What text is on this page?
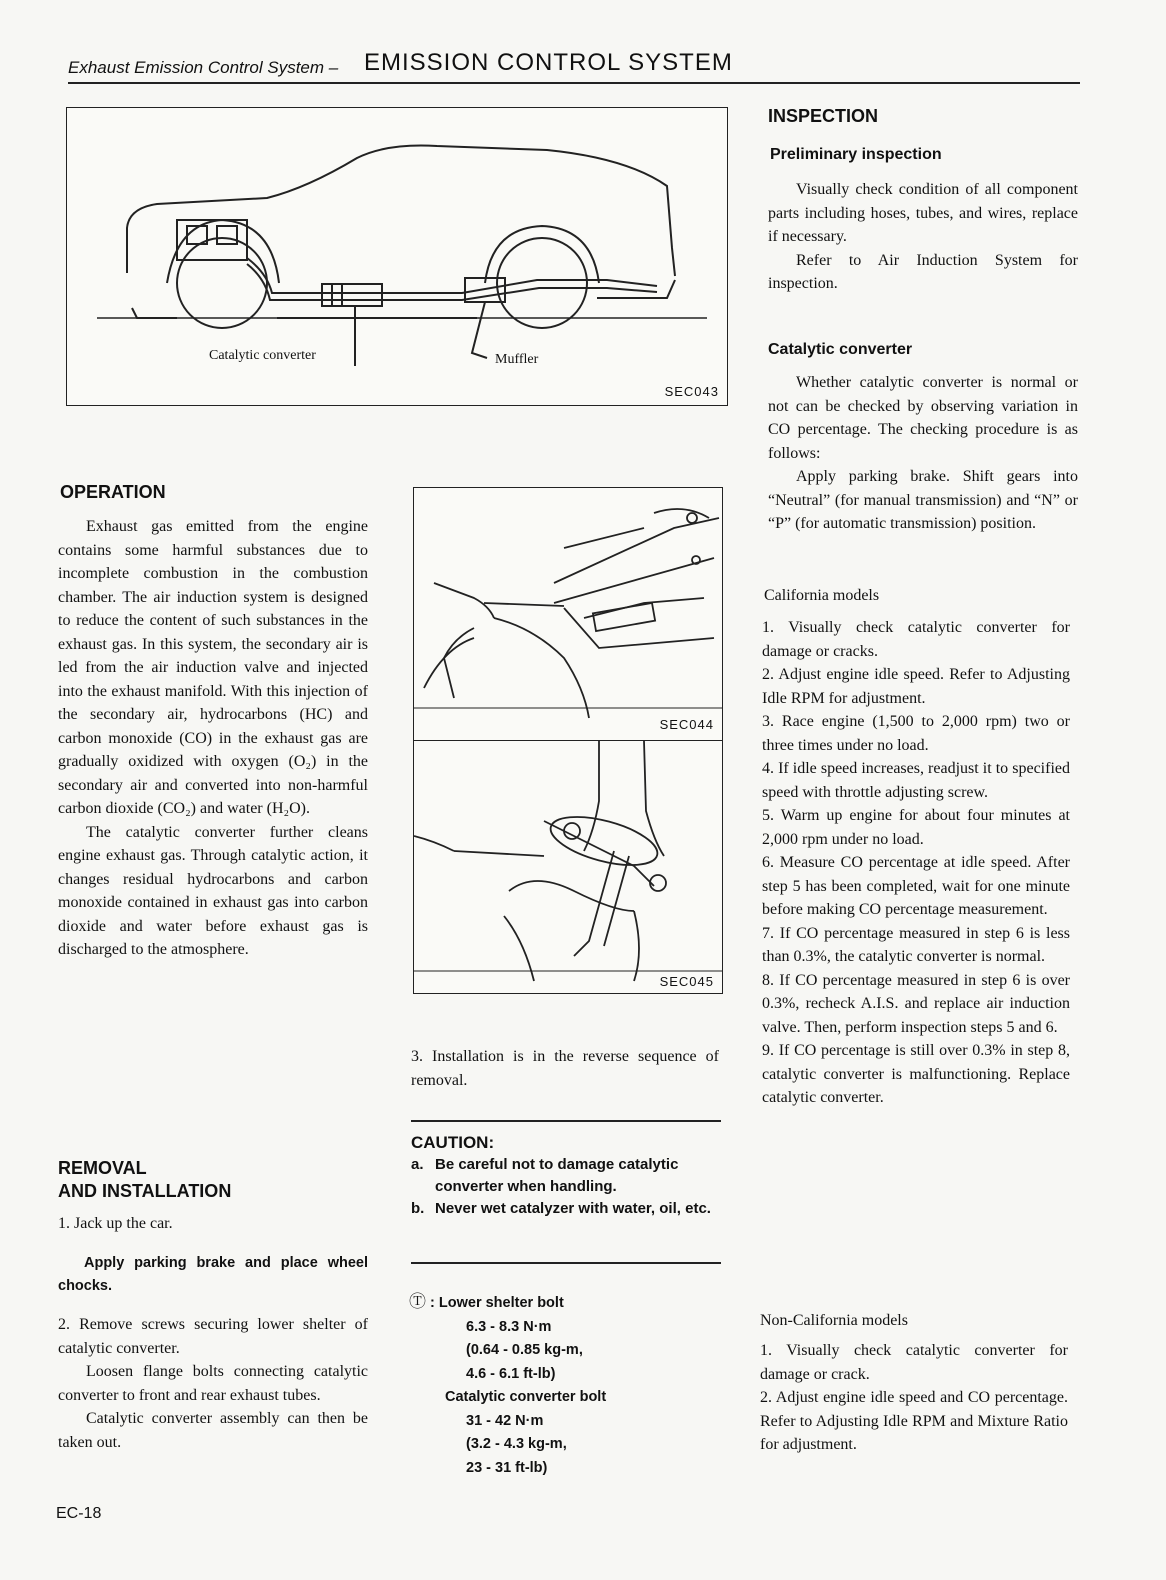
Exhaust Emission Control System – EMISSION CONTROL SYSTEM
Catalytic converter	Muffler
SEC043
SEC044
SEC045
OPERATION

Exhaust gas emitted from the engine contains some harmful substances due to incomplete combustion in the combustion chamber. The air induction system is designed to reduce the content of such substances in the exhaust gas. In this system, the secondary air is led from the air induction valve and injected into the exhaust manifold. With this injection of the secondary air, hydrocarbons (HC) and carbon monoxide (CO) in the exhaust gas are gradually oxidized with oxygen (O₂) in the secondary air and converted into non-harmful carbon dioxide (CO₂) and water (H₂O).

The catalytic converter further cleans engine exhaust gas. Through catalytic action, it changes residual hydrocarbons and carbon monoxide contained in exhaust gas into carbon dioxide and water before exhaust gas is discharged to the atmosphere.

REMOVAL
AND INSTALLATION
1. Jack up the car.
Apply parking brake and place wheel chocks.

2. Remove screws securing lower shelter of catalytic converter.

Loosen flange bolts connecting catalytic converter to front and rear exhaust tubes.

Catalytic converter assembly can then be taken out.

3. Installation is in the reverse sequence of removal.
CAUTION:
a. Be careful not to damage catalytic converter when handling.
b. Never wet catalyzer with water, oil, etc.
Ⓣ : Lower shelter bolt
6.3 - 8.3 N·m
(0.64 - 0.85 kg-m,
4.6 - 6.1 ft-lb)
Catalytic converter bolt
31 - 42 N·m
(3.2 - 4.3 kg-m,
23 - 31 ft-lb)
INSPECTION
Preliminary inspection

Visually check condition of all component parts including hoses, tubes, and wires, replace if necessary.

Refer to Air Induction System for inspection.

Catalytic converter

Whether catalytic converter is normal or not can be checked by observing variation in CO percentage. The checking procedure is as follows:

Apply parking brake. Shift gears into “Neutral” (for manual transmission) and “N” or “P” (for automatic transmission) position.

California models

1. Visually check catalytic converter for damage or cracks.

2. Adjust engine idle speed. Refer to Adjusting Idle RPM for adjustment.

3. Race engine (1,500 to 2,000 rpm) two or three times under no load.

4. If idle speed increases, readjust it to specified speed with throttle adjusting screw.

5. Warm up engine for about four minutes at 2,000 rpm under no load.

6. Measure CO percentage at idle speed. After step 5 has been completed, wait for one minute before making CO percentage measurement.

7. If CO percentage measured in step 6 is less than 0.3%, the catalytic converter is normal.

8. If CO percentage measured in step 6 is over 0.3%, recheck A.I.S. and replace air induction valve. Then, perform inspection steps 5 and 6.

9. If CO percentage is still over 0.3% in step 8, catalytic converter is malfunctioning. Replace catalytic converter.

Non-California models

1. Visually check catalytic converter for damage or crack.

2. Adjust engine idle speed and CO percentage. Refer to Adjusting Idle RPM and Mixture Ratio for adjustment.

EC-18
